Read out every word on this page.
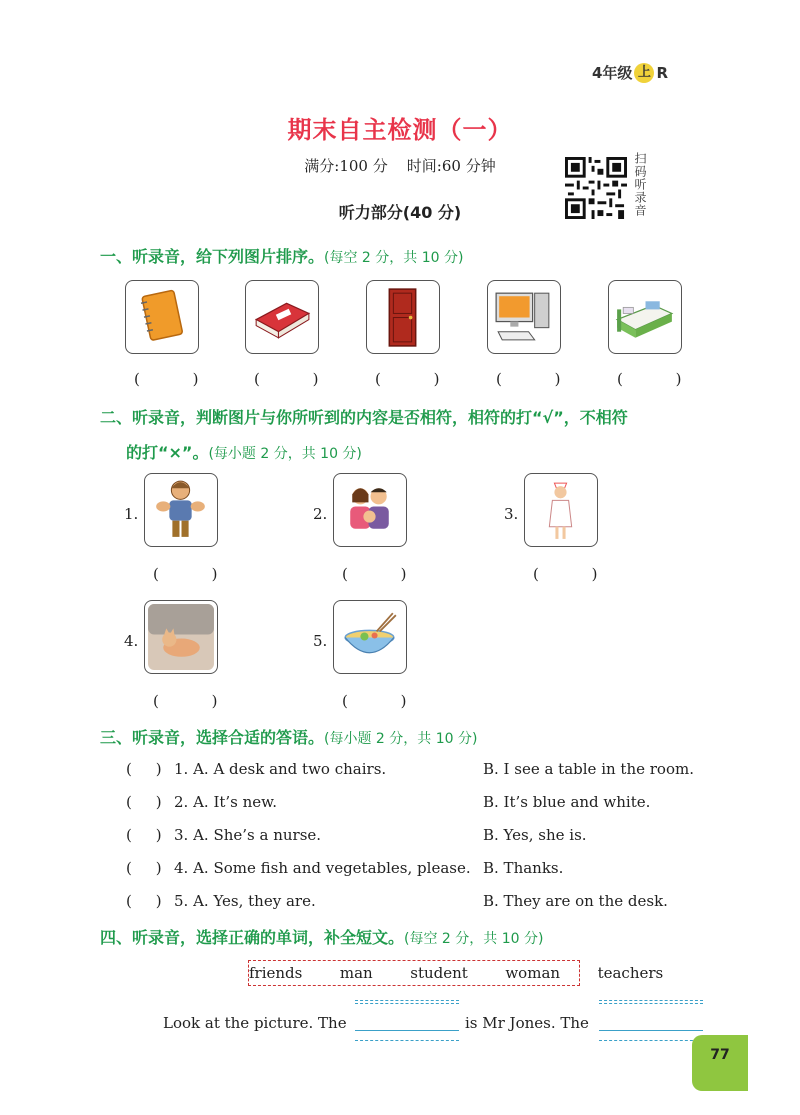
4年级 上 R
期末自主检测（一）
满分:100 分    时间:60 分钟
听力部分(40 分)	扫码听录音
一、听录音，给下列图片排序。(每空 2 分，共 10 分)
( ) ( ) ( ) ( ) ( )
二、听录音，判断图片与你所听到的内容是否相符，相符的打“√”，不相符
的打“×”。(每小题 2 分，共 10 分)
1.
( )
2.
( )
3.
( )
4.
( )
5.
( )
三、听录音，选择合适的答语。(每小题 2 分，共 10 分)
(     ) 1. A. A desk and two chairs.	B. I see a table in the room.
(     ) 2. A. It’s new.	B. It’s blue and white.
(     ) 3. A. She’s a nurse.	B. Yes, she is.
(     ) 4. A. Some fish and vegetables, please. B. Thanks.
(     ) 5. A. Yes, they are.	B. They are on the desk.
四、听录音，选择正确的单词，补全短文。(每空 2 分，共 10 分)
friends  man  student  woman  teachers
Look at the picture. The	is Mr Jones. The
77
